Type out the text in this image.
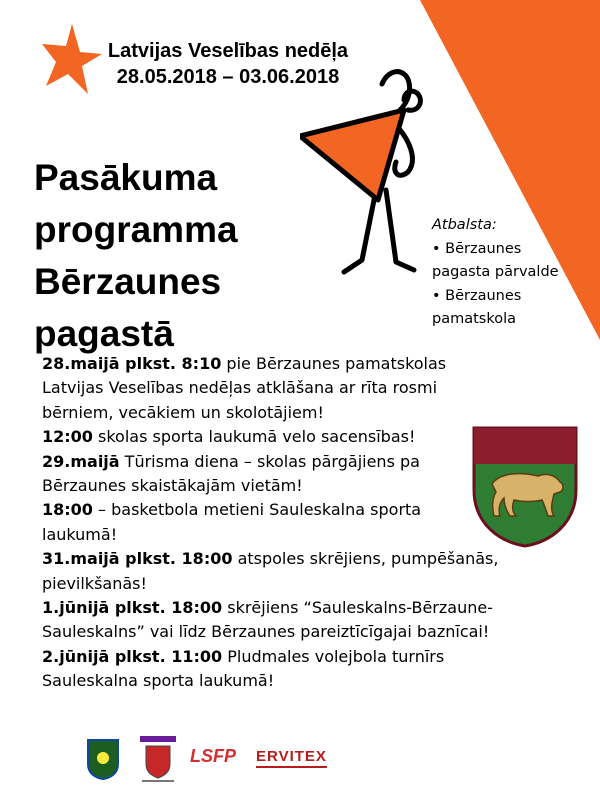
Latvijas Veselības nedēļa
28.05.2018 – 03.06.2018
Pasākuma
programma
Bērzaunes
pagastā
Atbalsta:
• Bērzaunes
pagasta pārvalde
• Bērzaunes
pamatskola

28.maijā plkst. 8:10 pie Bērzaunes pamatskolas

Latvijas Veselības nedēļas atklāšana ar rīta rosmi

bērniem, vecākiem un skolotājiem!

12:00 skolas sporta laukumā velo sacensības!

29.maijā Tūrisma diena – skolas pārgājiens pa

Bērzaunes skaistākajām vietām!

18:00 – basketbola metieni Sauleskalna sporta

laukumā!

31.maijā plkst. 18:00 atspoles skrējiens, pumpēšanās,

pievilkšanās!

1.jūnijā plkst. 18:00 skrējiens “Sauleskalns-Bērzaune-

Sauleskalns” vai līdz Bērzaunes pareiztīcīgajai baznīcai!

2.jūnijā plkst. 11:00 Pludmales volejbola turnīrs

Sauleskalna sporta laukumā!

LSFP ERVITEX
